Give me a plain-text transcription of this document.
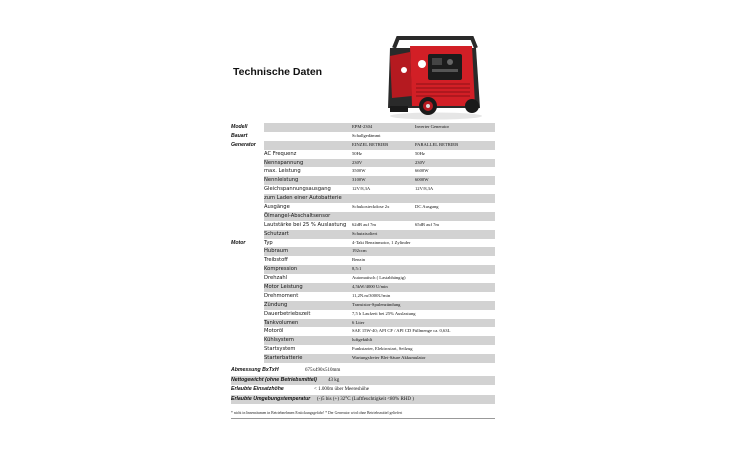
Technische Daten
Modell	EPM-2304	Inverter Generator
Bauart	Schallgedämmt
Generator	EINZEL BETRIEB	PARALLEL BETRIEB
AC Frequenz	50Hz	50Hz
Nennspannung	230V	230V
max. Leistung	3500W	6600W
Nennleistung	3100W	6000W
Gleichspannungsausgang	12V/8,3A	12V/8,3A
zum Laden einer Autobatterie
Ausgänge	Schukosteckdose 2x	DC Ausgang
Ölmangel-Abschaltsensor
Lautstärke bei 25 % Auslastung 62dB auf 7m	65dB auf 7m
Schutzart	Schutzisoliert
Motor	Typ	4-Takt Benzinmotor, 1 Zylinder
Hubraum	192ccm
Treibstoff	Benzin
Kompression	8,5:1
Drehzahl	Automatisch ( Lastabhängig)
Motor Leistung	4,5kW/4000 U/min
Drehmoment	11,2N.m/3000U/min
Zündung	Transistor-Spulenzündung
Dauerbetriebszeit	7,5 h Laufzeit bei 25% Auslastung
Tankvolumen	6 Liter
Motoröl	SAE 15W-40; API CF / API CD Füllmenge ca. 0,63L
Kühlsystem	luftgekühlt
Startsystem	Funkstarter, Elektrostart, Seilzug
Starterbatterie	Wartungsfreier Blei-Säure Akkumulator
Abmessung BxTxH	675x490x510mm
Nettogewicht (ohne Betriebsmittel) 43 kg
Erlaubte Einsatzhöhe	< 1.000m über Meereshöhe
Erlaubte Umgebungstemperatur (-)5 bis (+) 32°C (Luftfeuchtigkeit <80% RHD )
* nicht in Innenräumen in Betriebnehmen Erstickungsgefahr! * Der Generator wird ohne Betriebsmittel geliefert
